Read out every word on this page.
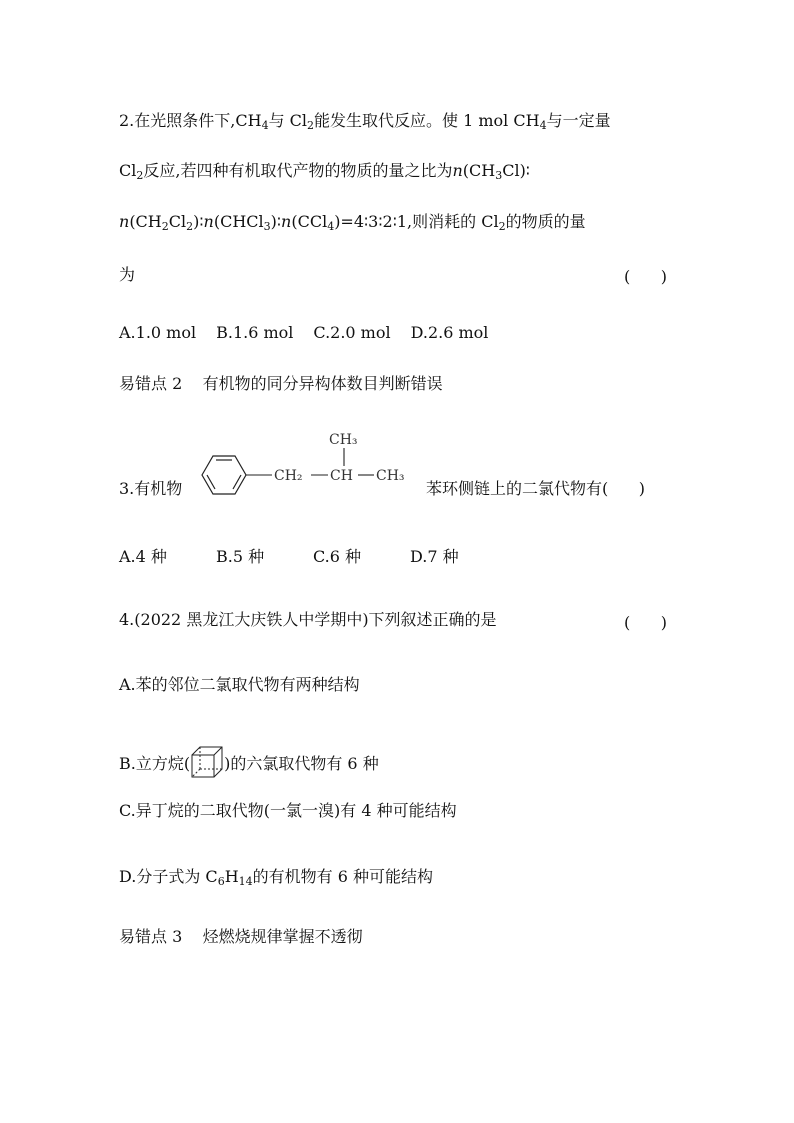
2.在光照条件下$,CH_4$与 $Cl_2$能发生取代反应。使 1 mol $CH_4$与一定量
$Cl_2$反应,若四种有机取代产物的物质的量之比为$n(CH_3Cl)∶$
$n(CH_2Cl_2)∶n(CHCl_3)∶n(CCl_4)=4∶3∶2∶1$,则消耗的 $Cl_2$的物质的量
为	(      )
A.1.0 mol B.1.6 mol C.2.0 mol D.2.6 mol
易错点 2    有机物的同分异构体数目判断错误
3.有机物
CH₂ CH
CH₃
CH₃
苯环侧链上的二氯代物有(      )
A.4 种	B.5 种	C.6 种	D.7 种
4.(2022 黑龙江大庆铁人中学期中)下列叙述正确的是	(      )
A.苯的邻位二氯取代物有两种结构
B.立方烷( )的六氯取代物有 6 种
C.异丁烷的二取代物(一氯一溴)有 4 种可能结构
D.分子式为 $C_6H_{14}$的有机物有 6 种可能结构
易错点 3    烃燃烧规律掌握不透彻
